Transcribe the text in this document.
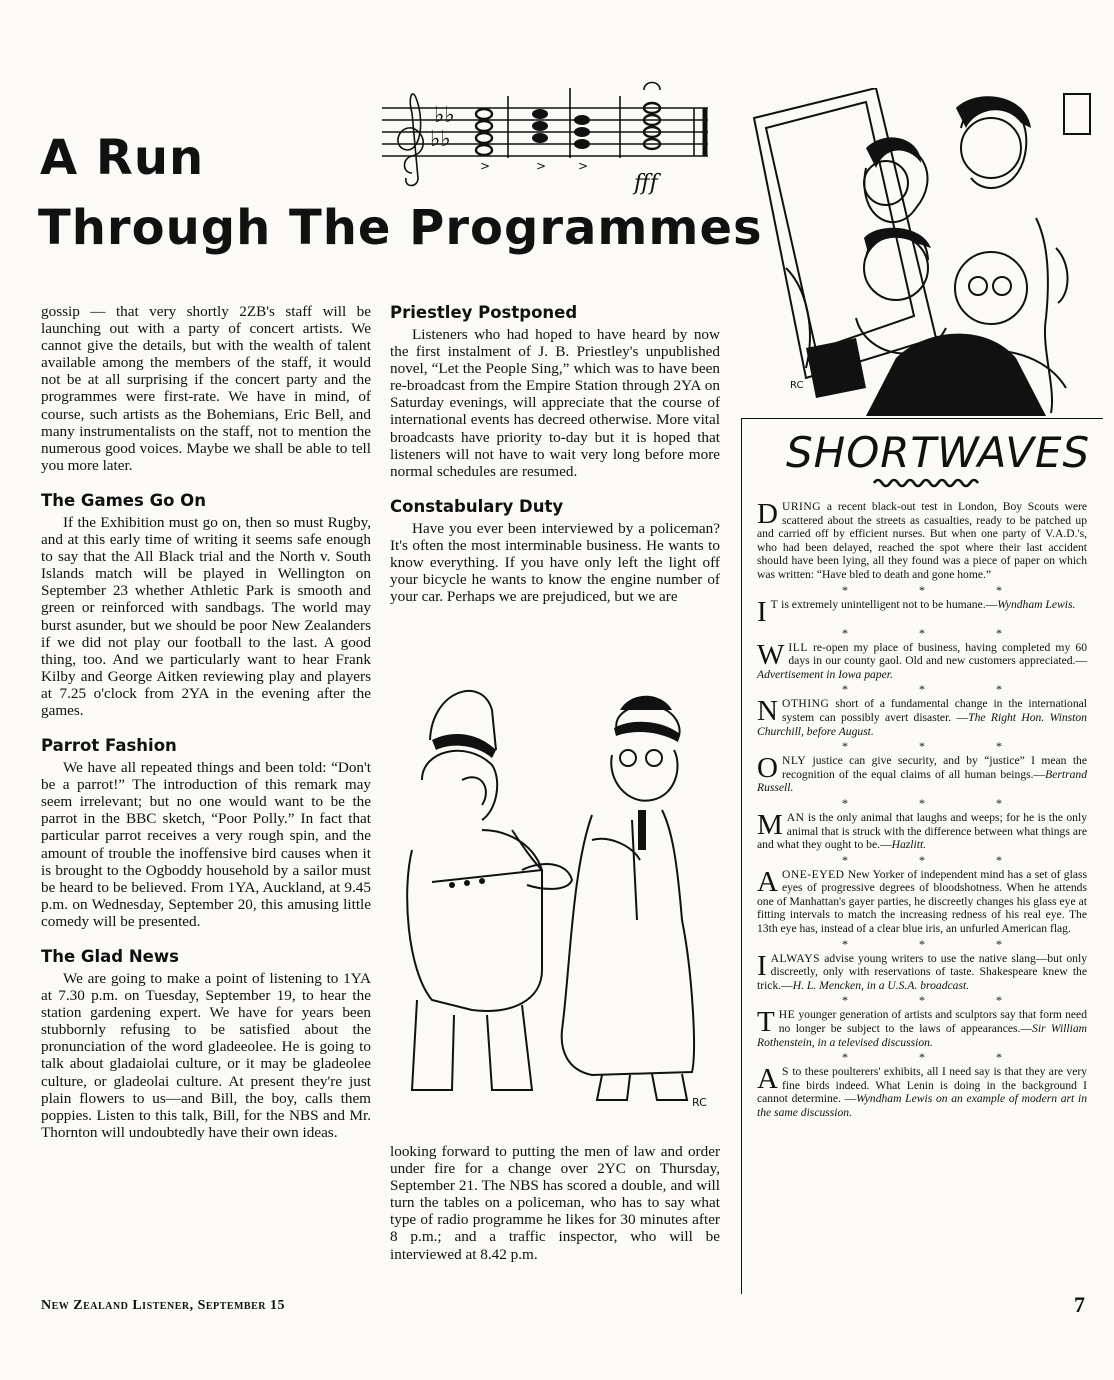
A Run
Through The Programmes
♭♭
♭♭
fff
>	>	>
RC

gossip — that very shortly 2ZB's staff will be launching out with a party of concert artists. We cannot give the details, but with the wealth of talent available among the members of the staff, it would not be at all surprising if the concert party and the programmes were first-rate. We have in mind, of course, such artists as the Bohemians, Eric Bell, and many instrumentalists on the staff, not to mention the numerous good voices. Maybe we shall be able to tell you more later.

The Games Go On

If the Exhibition must go on, then so must Rugby, and at this early time of writing it seems safe enough to say that the All Black trial and the North v. South Islands match will be played in Wellington on September 23 whether Athletic Park is smooth and green or reinforced with sandbags. The world may burst asunder, but we should be poor New Zealanders if we did not play our football to the last. A good thing, too. And we particularly want to hear Frank Kilby and George Aitken reviewing play and players at 7.25 o'clock from 2YA in the evening after the games.

Parrot Fashion

We have all repeated things and been told: “Don't be a parrot!” The introduction of this remark may seem irrelevant; but no one would want to be the parrot in the BBC sketch, “Poor Polly.” In fact that particular parrot receives a very rough spin, and the amount of trouble the inoffensive bird causes when it is brought to the Ogboddy household by a sailor must be heard to be believed. From 1YA, Auckland, at 9.45 p.m. on Wednesday, September 20, this amusing little comedy will be presented.

The Glad News

We are going to make a point of listening to 1YA at 7.30 p.m. on Tuesday, September 19, to hear the station gardening expert. We have for years been stubbornly refusing to be satisfied about the pronunciation of the word gladeeolee. He is going to talk about gladaiolai culture, or it may be gladeolee culture, or gladeolai culture. At present they're just plain flowers to us—and Bill, the boy, calls them poppies. Listen to this talk, Bill, for the NBS and Mr. Thornton will undoubtedly have their own ideas.

Priestley Postponed

Listeners who had hoped to have heard by now the first instalment of J. B. Priestley's unpublished novel, “Let the People Sing,” which was to have been re-broadcast from the Empire Station through 2YA on Saturday evenings, will appreciate that the course of international events has decreed otherwise. More vital broadcasts have priority to-day but it is hoped that listeners will not have to wait very long before more normal schedules are resumed.

Constabulary Duty

Have you ever been interviewed by a policeman? It's often the most interminable business. He wants to know everything. If you have only left the light off your bicycle he wants to know the engine number of your car. Perhaps we are prejudiced, but we are

RC

looking forward to putting the men of law and order under fire for a change over 2YC on Thursday, September 21. The NBS has scored a double, and will turn the tables on a policeman, who has to say what type of radio programme he likes for 30 minutes after 8 p.m.; and a traffic inspector, who will be interviewed at 8.42 p.m.

SHORTWAVES
DURING a recent black-out test in London, Boy Scouts were scattered about the streets as casualties, ready to be patched up and carried off by efficient nurses. But when one party of V.A.D.'s, who had been delayed, reached the spot where their last accident should have been lying, all they found was a piece of paper on which was written: “Have bled to death and gone home.”
* * *
I T is extremely unintelligent not to be humane.—Wyndham Lewis.
* * *
WILL re-open my place of business, having completed my 60 days in our county gaol. Old and new customers appreciated.—Advertisement in Iowa paper.
* * *
NOTHING short of a fundamental change in the international system can possibly avert disaster. —The Right Hon. Winston Churchill, before August.
* * *
ONLY justice can give security, and by “justice” I mean the recognition of the equal claims of all human beings.—Bertrand Russell.
* * *
MAN is the only animal that laughs and weeps; for he is the only animal that is struck with the difference between what things are and what they ought to be.—Hazlitt.
* * *
A ONE-EYED New Yorker of independent mind has a set of glass eyes of progressive degrees of bloodshotness. When he attends one of Manhattan's gayer parties, he discreetly changes his glass eye at fitting intervals to match the increasing redness of his real eye. The 13th eye has, instead of a clear blue iris, an unfurled American flag.
* * *
I ALWAYS advise young writers to use the native slang—but only discreetly, only with reservations of taste. Shakespeare knew the trick.—H. L. Mencken, in a U.S.A. broadcast.
* * *
THE younger generation of artists and sculptors say that form need no longer be subject to the laws of appearances.—Sir William Rothenstein, in a televised discussion.
* * *
A S to these poulterers' exhibits, all I need say is that they are very fine birds indeed. What Lenin is doing in the background I cannot determine. —Wyndham Lewis on an example of modern art in the same discussion.
New Zealand Listener, September 15	7
